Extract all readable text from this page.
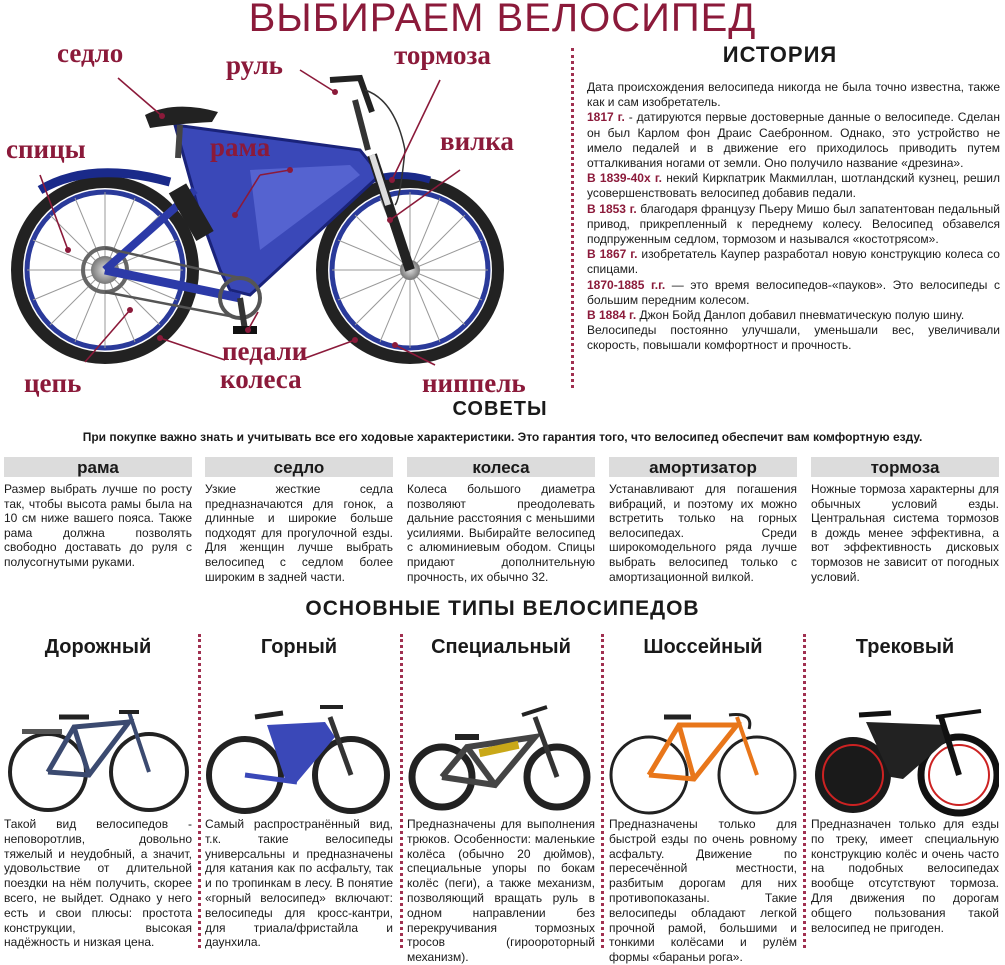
ВЫБИРАЕМ ВЕЛОСИПЕД
седло	руль	тормоза
спицы	рама	вилка
педали
колеса
цепь	ниппель
ИСТОРИЯ

Дата происхождения велосипеда никогда не была точно известна, также как и сам изобретатель.

1817 г. - датируются первые достоверные данные о велосипеде. Сделан он был Карлом фон Драис Саебронном. Однако, это устройство не имело педалей и в движение его приходилось приводить путем отталкивания ногами от земли. Оно получило название «дрезина».

В 1839-40х г. некий Киркпатрик Макмиллан, шотландский кузнец, решил усовершенствовать велосипед добавив педали.

В 1853 г. благодаря французу Пьеру Мишо был запатентован педальный привод, прикрепленный к переднему колесу. Велосипед обзавелся подпруженным седлом, тормозом и назывался «костотрясом».

В 1867 г. изобретатель Каупер разработал новую конструкцию колеса со спицами.

1870-1885 г.г. — это время велосипедов-«пауков». Это велосипеды с большим передним колесом.

В 1884 г. Джон Бойд Данлоп добавил пневматическую полую шину.

Велосипеды постоянно улучшали, уменьшали вес, увеличивали скорость, повышали комфортност и прочность.

СОВЕТЫ
При покупке важно знать и учитывать все его ходовые характеристики. Это гарантия того, что велосипед обеспечит вам комфортную езду.
рама
Размер выбрать лучше по росту так, чтобы высота рамы была на 10 см ниже вашего пояса. Также рама должна позволять свободно доставать до руля с полусогнутыми руками.
седло
Узкие жесткие седла предназначаются для гонок, а длинные и широкие больше подходят для прогулочной езды. Для женщин лучше выбрать велосипед с седлом более широким в задней части.
колеса
Колеса большого диаметра позволяют преодолевать дальние расстояния с меньшими усилиями. Выбирайте велосипед с алюминиевым ободом. Спицы придают дополнительную прочность, их обычно 32.
амортизатор
Устанавливают для погашения вибраций, и поэтому их можно встретить только на горных велосипедах. Среди широкомодельного ряда лучше выбрать велосипед только с амортизационной вилкой.
тормоза
Ножные тормоза характерны для обычных условий езды. Центральная система тормозов в дождь менее эффективна, а вот эффективность дисковых тормозов не зависит от погодных условий.
ОСНОВНЫЕ ТИПЫ ВЕЛОСИПЕДОВ
Дорожный
Такой вид велосипедов - неповоротлив, довольно тяжелый и неудобный, а значит, удовольствие от длительной поездки на нём получить, скорее всего, не выйдет. Однако у него есть и свои плюсы: простота конструкции, высокая надёжность и низкая цена.
Горный
Самый распространённый вид, т.к. такие велосипеды универсальны и предназначены для катания как по асфальту, так и по тропинкам в лесу. В понятие «горный велосипед» включают: велосипеды для кросс-кантри, для триала/фристайла и даунхила.
Специальный
Предназначены для выполнения трюков. Особенности: маленькие колёса (обычно 20 дюймов), специальные упоры по бокам колёс (пеги), а также механизм, позволяющий вращать руль в одном направлении без перекручивания тормозных тросов (гироороторный механизм).
Шоссейный
Предназначены только для быстрой езды по очень ровному асфальту. Движение по пересечённой местности, разбитым дорогам для них противопоказаны. Такие велосипеды обладают легкой прочной рамой, большими и тонкими колёсами и рулём формы «бараньи рога».
Трековый
Предназначен только для езды по треку, имеет специальную конструкцию колёс и очень часто на подобных велосипедах вообще отсутствуют тормоза. Для движения по дорогам общего пользования такой велосипед не пригоден.
